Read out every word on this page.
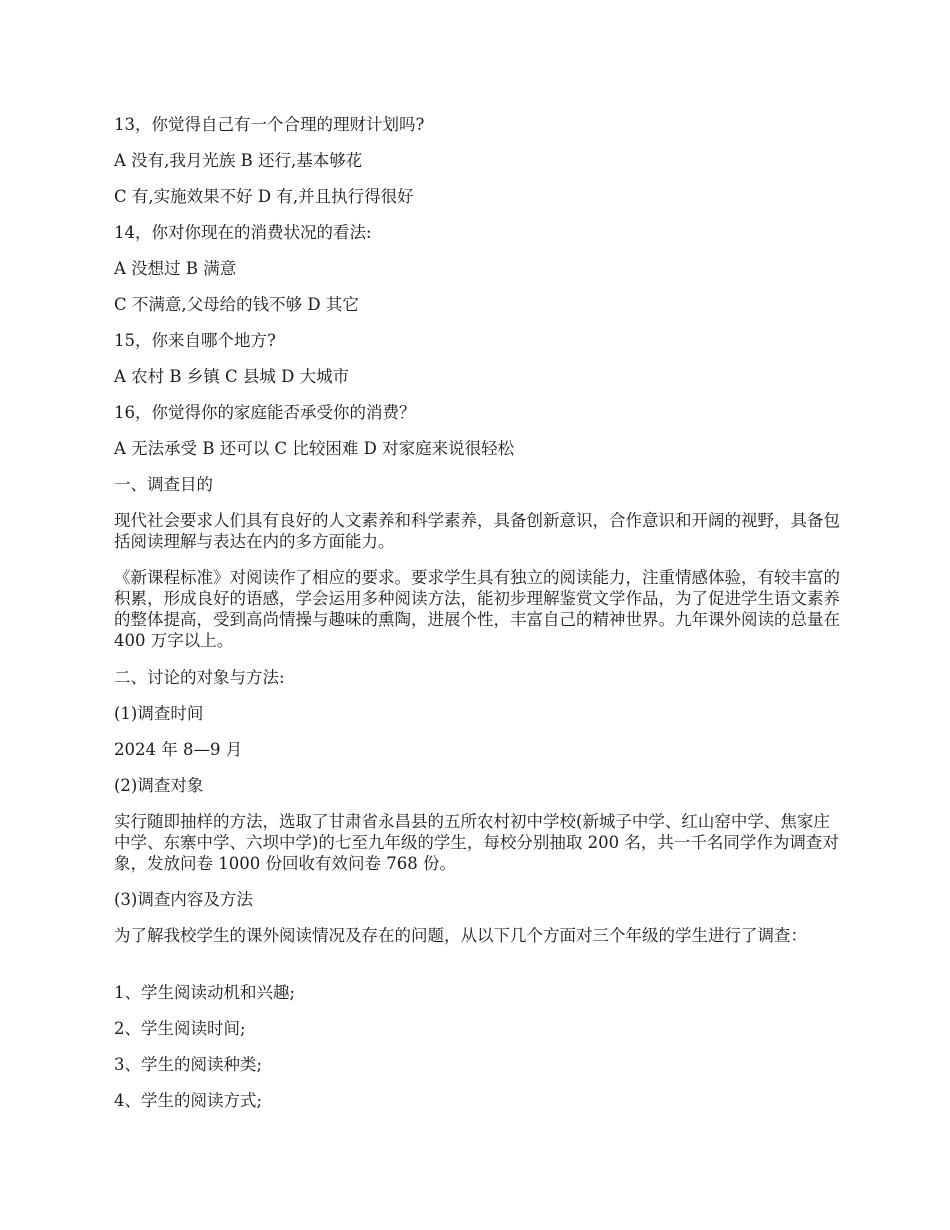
13，你觉得自己有一个合理的理财计划吗?

A 没有,我月光族 B 还行,基本够花

C 有,实施效果不好 D 有,并且执行得很好

14，你对你现在的消费状况的看法:

A 没想过 B 满意

C 不满意,父母给的钱不够 D 其它

15，你来自哪个地方?

A 农村 B 乡镇 C 县城 D 大城市

16，你觉得你的家庭能否承受你的消费？

A 无法承受 B 还可以 C 比较困难 D 对家庭来说很轻松

一、调查目的

现代社会要求人们具有良好的人文素养和科学素养，具备创新意识，合作意识和开阔的视野，具备包括阅读理解与表达在内的多方面能力。

《新课程标准》对阅读作了相应的要求。要求学生具有独立的阅读能力，注重情感体验，有较丰富的积累，形成良好的语感，学会运用多种阅读方法，能初步理解鉴赏文学作品，为了促进学生语文素养的整体提高，受到高尚情操与趣味的熏陶，进展个性，丰富自己的精神世界。九年课外阅读的总量在 400 万字以上。

二、讨论的对象与方法:

(1)调查时间

2024 年 8—9 月

(2)调查对象

实行随即抽样的方法，选取了甘肃省永昌县的五所农村初中学校(新城子中学、红山窑中学、焦家庄中学、东寨中学、六坝中学)的七至九年级的学生，每校分别抽取 200 名，共一千名同学作为调查对象，发放问卷 1000 份回收有效问卷 768 份。

(3)调查内容及方法

为了解我校学生的课外阅读情况及存在的问题，从以下几个方面对三个年级的学生进行了调查：

1、学生阅读动机和兴趣;

2、学生阅读时间;

3、学生的阅读种类;

4、学生的阅读方式;
